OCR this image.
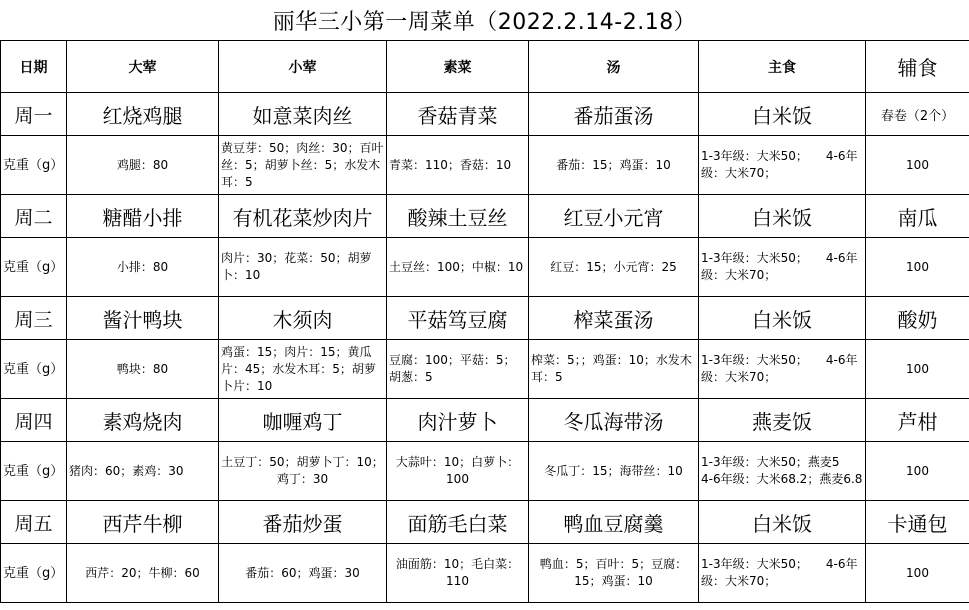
丽华三小第一周菜单（2022.2.14-2.18）
日期	大荤	小荤	素菜	汤	主食	辅食
周一	红烧鸡腿	如意菜肉丝	香菇青菜	番茄蛋汤	白米饭	春卷（2个）
克重（g）	鸡腿：80	黄豆芽：50；肉丝：30；百叶丝：5；胡萝卜丝：5；水发木耳：5	青菜：110；香菇：10	番茄：15；鸡蛋：10	1-3年级：大米50；　　4-6年级：大米70；	100
周二	糖醋小排	有机花菜炒肉片	酸辣土豆丝	红豆小元宵	白米饭	南瓜
克重（g）	小排：80	肉片：30；花菜：50；胡萝卜：10	土豆丝：100；中椒：10	红豆：15；小元宵：25	1-3年级：大米50；　　4-6年级：大米70；	100
周三	酱汁鸭块	木须肉	平菇笃豆腐	榨菜蛋汤	白米饭	酸奶
克重（g）	鸭块：80	鸡蛋：15；肉片：15；黄瓜片：45；水发木耳：5；胡萝卜片：10	豆腐：100；平菇：5；胡葱：5	榨菜：5；；鸡蛋：10；水发木耳：5	1-3年级：大米50；　　4-6年级：大米70；	100
周四	素鸡烧肉	咖喱鸡丁	肉汁萝卜	冬瓜海带汤	燕麦饭	芦柑
克重（g）	猪肉：60；素鸡：30	土豆丁：50；胡萝卜丁：10；鸡丁：30	大蒜叶：10；白萝卜：100	冬瓜丁：15；海带丝：10	1-3年级：大米50；燕麦5　4-6年级：大米68.2；燕麦6.8	100
周五	西芹牛柳	番茄炒蛋	面筋毛白菜	鸭血豆腐羹	白米饭	卡通包
克重（g）	西芹：20；牛柳：60	番茄：60；鸡蛋：30	油面筋：10；毛白菜：110	鸭血：5；百叶：5；豆腐：15；鸡蛋：10	1-3年级：大米50；　　4-6年级：大米70；	100
